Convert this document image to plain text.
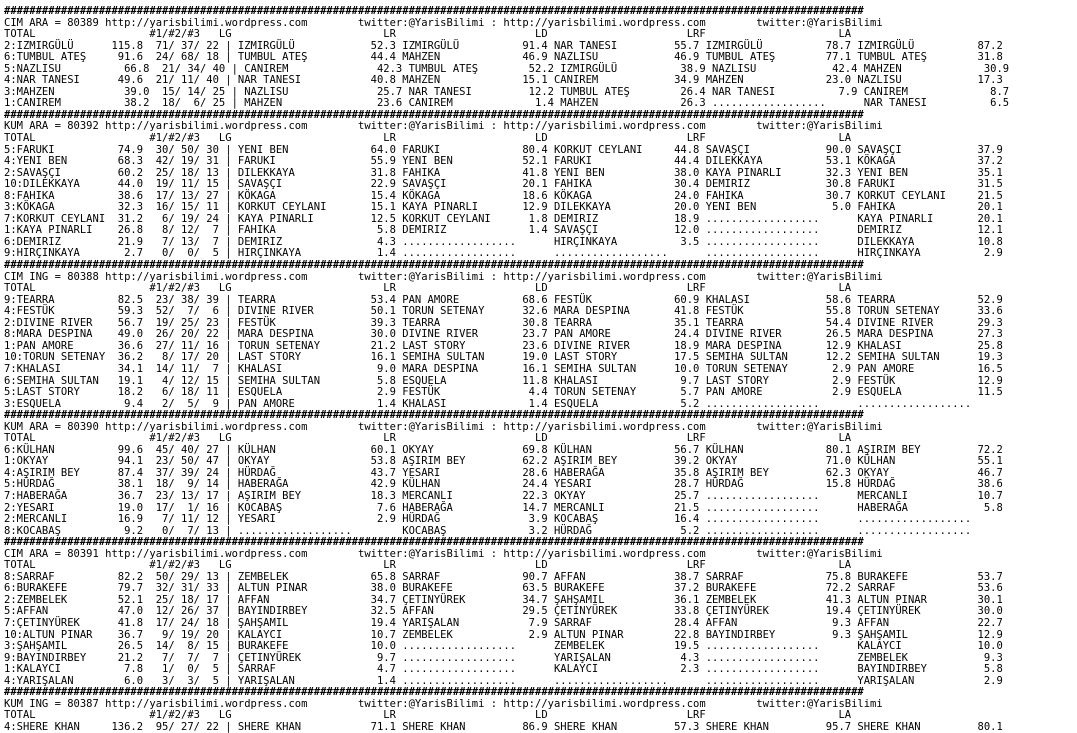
########################################################################################################################################
CIM ARA = 80389 http://yarisbilimi.wordpress.com        twitter:@YarisBilimi : http://yarisbilimi.wordpress.com        twitter:@YarisBilimi
TOTAL                  #1/#2/#3   LG                        LR                      LD                      LRF                     LA
2:IZMIRGÜLÜ      115.8  71/ 37/ 22 | IZMIRGÜLÜ            52.3 IZMIRGÜLÜ          91.4 NAR TANESI         55.7 IZMIRGÜLÜ          78.7 IZMIRGÜLÜ          87.2
6:TUMBUL ATEŞ     91.6  24/ 68/ 18 | TUMBUL ATEŞ          44.4 MAHZEN             46.9 NAZLISU            46.9 TUMBUL ATEŞ        77.1 TUMBUL ATEŞ        31.8
5:NAZLISU          66.8  21/ 34/ 40 | CANIREM              42.3 TUMBUL ATEŞ        52.2 IZMIRGÜLÜ          38.9 NAZLISU            42.4 MAHZEN             30.9
4:NAR TANESI      49.6  21/ 11/ 40 | NAR TANESI           40.8 MAHZEN             15.1 CANIREM            34.9 MAHZEN             23.0 NAZLISU            17.3
3:MAHZEN           39.0  15/ 14/ 25 | NAZLISU              25.7 NAR TANESI         12.2 TUMBUL ATEŞ        26.4 NAR TANESI          7.9 CANIREM             8.7
1:CANIREM          38.2  18/  6/ 25 | MAHZEN               23.6 CANIREM             1.4 MAHZEN             26.3 ..................      NAR TANESI          6.5
########################################################################################################################################
KUM ARA = 80392 http://yarisbilimi.wordpress.com        twitter:@YarisBilimi : http://yarisbilimi.wordpress.com        twitter:@YarisBilimi
TOTAL                  #1/#2/#3   LG                        LR                      LD                      LRF                     LA
5:FARUKI          74.9  30/ 50/ 30 | YENI BEN             64.0 FARUKI             80.4 KORKUT CEYLANI     44.8 SAVAŞÇI            90.0 SAVAŞÇI            37.9
4:YENI BEN        68.3  42/ 19/ 31 | FARUKI               55.9 YENI BEN           52.1 FARUKI             44.4 DILEKKAYA          53.1 KÖKAGA             37.2
2:SAVAŞÇI         60.2  25/ 18/ 13 | DILEKKAYA            31.8 FAHIKA             41.8 YENI BEN           38.0 KAYA PINARLI       32.3 YENI BEN           35.1
10:DILEKKAYA      44.0  19/ 11/ 15 | SAVAŞÇI              22.9 SAVAŞÇI            20.1 FAHIKA             30.4 DEMIRIZ            30.8 FARUKI             31.5
8:FAHIKA          38.6  17/ 13/ 27 | KÖKAGA               15.4 KÖKAGA             18.6 KÖKAGA             24.0 FAHIKA             30.7 KORKUT CEYLANI     21.5
3:KÖKAGA          32.3  16/ 15/ 11 | KORKUT CEYLANI       15.1 KAYA PINARLI       12.9 DILEKKAYA          20.0 YENI BEN            5.0 FAHIKA             20.1
7:KORKUT CEYLANI  31.2   6/ 19/ 24 | KAYA PINARLI         12.5 KORKUT CEYLANI      1.8 DEMIRIZ            18.9 ..................      KAYA PINARLI       20.1
1:KAYA PINARLI    26.8   8/ 12/  7 | FAHIKA                5.8 DEMIRIZ             1.4 SAVAŞÇI            12.0 ..................      DEMIRIZ            12.1
6:DEMIRIZ         21.9   7/ 13/  7 | DEMIRIZ               4.3 ..................      HIRÇINKAYA          3.5 ..................      DILEKKAYA          10.8
9:HIRÇINKAYA       2.7   0/  0/  5 | HIRÇINKAYA            1.4 ..................      ..................      ..................      HIRÇINKAYA          2.9
########################################################################################################################################
CIM ING = 80388 http://yarisbilimi.wordpress.com        twitter:@YarisBilimi : http://yarisbilimi.wordpress.com        twitter:@YarisBilimi
TOTAL                  #1/#2/#3   LG                        LR                      LD                      LRF                     LA
9:TEARRA          82.5  23/ 38/ 39 | TEARRA               53.4 PAN AMORE          68.6 FESTÜK             60.9 KHALASI            58.6 TEARRA             52.9
4:FESTÜK          59.3  52/  7/  6 | DIVINE RIVER         50.1 TORUN SETENAY      32.6 MARA DESPINA       41.8 FESTÜK             55.8 TORUN SETENAY      33.6
2:DIVINE RIVER    56.7  19/ 25/ 23 | FESTÜK               39.3 TEARRA             30.8 TEARRA             35.1 TEARRA             54.4 DIVINE RIVER       29.3
8:MARA DESPINA    49.0  26/ 20/ 22 | MARA DESPINA         30.0 DIVINE RIVER       23.7 PAN AMORE          24.4 DIVINE RIVER       26.5 MARA DESPINA       27.3
1:PAN AMORE       36.6  27/ 11/ 16 | TORUN SETENAY        21.2 LAST STORY         23.6 DIVINE RIVER       18.9 MARA DESPINA       12.9 KHALASI            25.8
10:TORUN SETENAY  36.2   8/ 17/ 20 | LAST STORY           16.1 SEMIHA SULTAN      19.0 LAST STORY         17.5 SEMIHA SULTAN      12.2 SEMIHA SULTAN      19.3
7:KHALASI         34.1  14/ 11/  7 | KHALASI               9.0 MARA DESPINA       16.1 SEMIHA SULTAN      10.0 TORUN SETENAY       2.9 PAN AMORE          16.5
6:SEMIHA SULTAN   19.1   4/ 12/ 15 | SEMIHA SULTAN         5.8 ESQUELA            11.8 KHALASI             9.7 LAST STORY          2.9 FESTÜK             12.9
5:LAST STORY      18.2   6/ 18/ 11 | ESQUELA               2.9 FESTÜK              4.4 TORUN SETENAY       5.7 PAN AMORE           2.9 ESQUELA            11.5
3:ESQUELA          9.4   2/  5/  9 | PAN AMORE             1.4 KHALASI             1.4 ESQUELA             5.2 ..................      ..................
########################################################################################################################################
KUM ARA = 80390 http://yarisbilimi.wordpress.com        twitter:@YarisBilimi : http://yarisbilimi.wordpress.com        twitter:@YarisBilimi
TOTAL                  #1/#2/#3   LG                        LR                      LD                      LRF                     LA
6:KÜLHAN          99.6  45/ 40/ 27 | KÜLHAN               60.1 OKYAY              69.8 KÜLHAN             56.7 KÜLHAN             80.1 AŞIRIM BEY         72.2
1:OKYAY           94.1  23/ 50/ 47 | OKYAY                53.8 AŞIRIM BEY         62.2 AŞIRIM BEY         39.2 OKYAY              71.0 KÜLHAN             55.1
4:AŞIRIM BEY      87.4  37/ 39/ 24 | HÜRDAĞ               43.7 YESARI             28.6 HABERAĞA           35.8 AŞIRIM BEY         62.3 OKYAY              46.7
5:HÜRDAĞ          38.1  18/  9/ 14 | HABERAĞA             42.9 KÜLHAN             24.4 YESARI             28.7 HÜRDAĞ             15.8 HÜRDAĞ             38.6
7:HABERAĞA        36.7  23/ 13/ 17 | AŞIRIM BEY           18.3 MERCANLI           22.3 OKYAY              25.7 ..................      MERCANLI           10.7
2:YESARI          19.0  17/  1/ 16 | KOCABAŞ               7.6 HABERAĞA           14.7 MERCANLI           21.5 ..................      HABERAĞA            5.8
2:MERCANLI        16.9   7/ 11/ 12 | YESARI                2.9 HÜRDAĞ              3.9 KOCABAŞ            16.4 ..................      ..................
8:KOCABAŞ          9.2   0/  7/ 13 | ..................        KOCABAŞ             3.2 HÜRDAĞ              5.2 ..................      ..................
########################################################################################################################################
CIM ARA = 80391 http://yarisbilimi.wordpress.com        twitter:@YarisBilimi : http://yarisbilimi.wordpress.com        twitter:@YarisBilimi
TOTAL                  #1/#2/#3   LG                        LR                      LD                      LRF                     LA
8:SARRAF          82.2  50/ 29/ 13 | ZEMBELEK             65.8 SARRAF             90.7 AFFAN              38.7 SARRAF             75.8 BURAKEFE           53.7
6:BURAKEFE        79.7  32/ 31/ 33 | ALTUN PINAR          38.0 BURAKEFE           63.5 BURAKEFE           37.2 BURAKEFE           72.2 SARRAF             53.6
2:ZEMBELEK        52.1  25/ 18/ 17 | AFFAN                34.7 ÇETINYÜREK         34.7 ŞAHŞAMIL           36.1 ZEMBELEK           41.3 ALTUN PINAR        30.1
5:AFFAN           47.0  12/ 26/ 37 | BAYINDIRBEY          32.5 AFFAN              29.5 ÇETINYÜREK         33.8 ÇETINYÜREK         19.4 ÇETINYÜREK         30.0
7:ÇETINYÜREK      41.8  17/ 24/ 18 | ŞAHŞAMIL             19.4 YARIŞALAN           7.9 SARRAF             28.4 AFFAN               9.3 AFFAN              22.7
10:ALTUN PINAR    36.7   9/ 19/ 20 | KALAYCI              10.7 ZEMBELEK            2.9 ALTUN PINAR        22.8 BAYINDIRBEY         9.3 ŞAHŞAMIL           12.9
3:ŞAHŞAMIL        26.5  14/  8/ 15 | BURAKEFE             10.0 ..................      ZEMBELEK           19.5 ..................      KALAYCI            10.0
9:BAYINDIRBEY     21.2   7/  7/  7 | ÇETINYÜREK            9.7 ..................      YARIŞALAN           4.3 ..................      ZEMBELEK            9.3
1:KALAYCI          7.8   1/  0/  5 | SARRAF                4.7 ..................      KALAYCI             2.3 ..................      BAYINDIRBEY         5.8
4:YARIŞALAN        6.0   3/  3/  5 | YARIŞALAN             1.4 ..................      ..................      ..................      YARIŞALAN           2.9
########################################################################################################################################
KUM ING = 80387 http://yarisbilimi.wordpress.com        twitter:@YarisBilimi : http://yarisbilimi.wordpress.com        twitter:@YarisBilimi
TOTAL                  #1/#2/#3   LG                        LR                      LD                      LRF                     LA
4:SHERE KHAN     136.2  95/ 27/ 22 | SHERE KHAN           71.1 SHERE KHAN         86.9 SHERE KHAN         57.3 SHERE KHAN         95.7 SHERE KHAN         80.1
